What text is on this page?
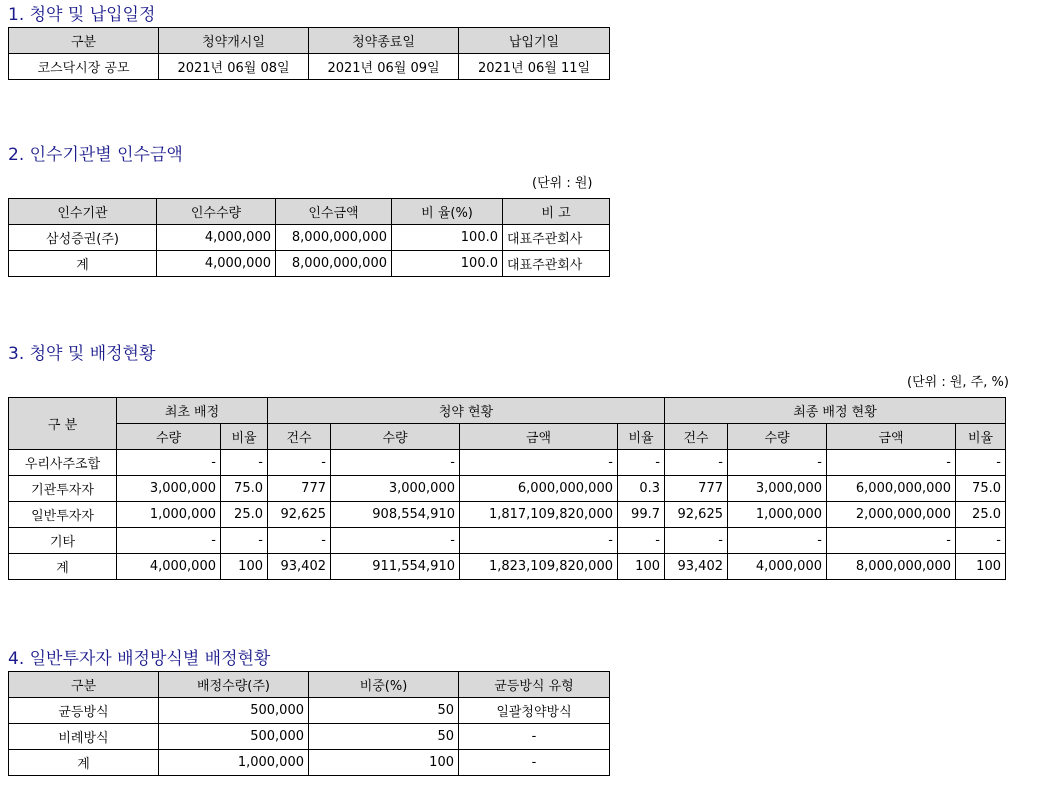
1. 청약 및 납입일정
구분	청약개시일	청약종료일	납입기일
코스닥시장 공모	2021년 06월 08일	2021년 06월 09일	2021년 06월 11일
2. 인수기관별 인수금액
(단위 : 원)
인수기관	인수수량	인수금액	비 율(%)	비 고
삼성증권(주)	4,000,000	8,000,000,000	100.0	대표주관회사
계	4,000,000	8,000,000,000	100.0	대표주관회사
3. 청약 및 배정현황
(단위 : 원, 주, %)
구 분	최초 배정		청약 현황				최종 배정 현황			
	수량	비율	건수	수량	금액	비율	건수	수량	금액	비율
우리사주조합	-	-	-	-	-	-	-	-	-	-
기관투자자	3,000,000	75.0	777	3,000,000	6,000,000,000	0.3	777	3,000,000	6,000,000,000	75.0
일반투자자	1,000,000	25.0	92,625	908,554,910	1,817,109,820,000	99.7	92,625	1,000,000	2,000,000,000	25.0
기타	-	-	-	-	-	-	-	-	-	-
계	4,000,000	100	93,402	911,554,910	1,823,109,820,000	100	93,402	4,000,000	8,000,000,000	100
4. 일반투자자 배정방식별 배정현황
구분	배정수량(주)	비중(%)	균등방식 유형
균등방식	500,000	50	일괄청약방식
비례방식	500,000	50	-
계	1,000,000	100	-
